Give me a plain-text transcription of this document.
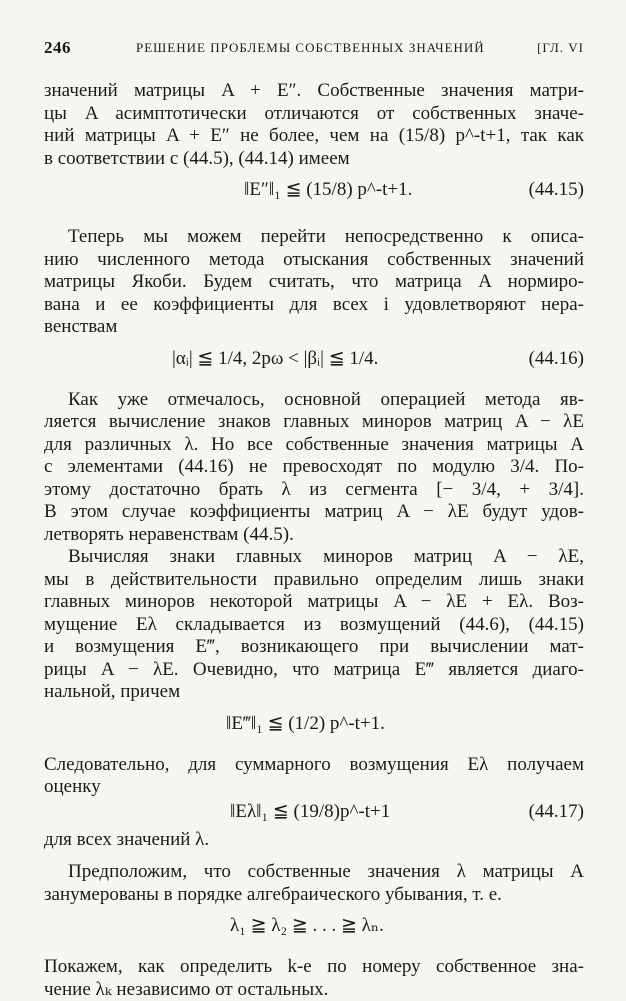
246	РЕШЕНИЕ ПРОБЛЕМЫ СОБСТВЕННЫХ ЗНАЧЕНИЙ	[ГЛ. VI
значений матрицы A + E″. Собственные значения матри-
цы A асимптотически отличаются от собственных значе-
ний матрицы A + E″ не более, чем на (15/8) p^-t+1, так как
в соответствии с (44.5), (44.14) имеем
‖E″‖₁ ≦ (15/8) p^-t+1.	(44.15)
Теперь мы можем перейти непосредственно к описа-
нию численного метода отыскания собственных значений
матрицы Якоби. Будем считать, что матрица A нормиро-
вана и ее коэффициенты для всех i удовлетворяют нера-
венствам
|αᵢ| ≦ 1/4, 2pω < |βᵢ| ≦ 1/4.	(44.16)
Как уже отмечалось, основной операцией метода яв-
ляется вычисление знаков главных миноров матриц A − λE
для различных λ. Но все собственные значения матрицы A
с элементами (44.16) не превосходят по модулю 3/4. По-
этому достаточно брать λ из сегмента [− 3/4, + 3/4].
В этом случае коэффициенты матриц A − λE будут удов-
летворять неравенствам (44.5).
Вычисляя знаки главных миноров матриц A − λE,
мы в действительности правильно определим лишь знаки
главных миноров некоторой матрицы A − λE + Eλ. Воз-
мущение Eλ складывается из возмущений (44.6), (44.15)
и возмущения E‴, возникающего при вычислении мат-
рицы A − λE. Очевидно, что матрица E‴ является диаго-
нальной, причем
‖E‴‖₁ ≦ (1/2) p^-t+1.
Следовательно, для суммарного возмущения Eλ получаем
оценку
‖Eλ‖₁ ≦ (19/8)p^-t+1	(44.17)
для всех значений λ.
Предположим, что собственные значения λ матрицы A
занумерованы в порядке алгебраического убывания, т. е.
λ₁ ≧ λ₂ ≧ . . . ≧ λₙ.
Покажем, как определить k-е по номеру собственное зна-
чение λₖ независимо от остальных.
